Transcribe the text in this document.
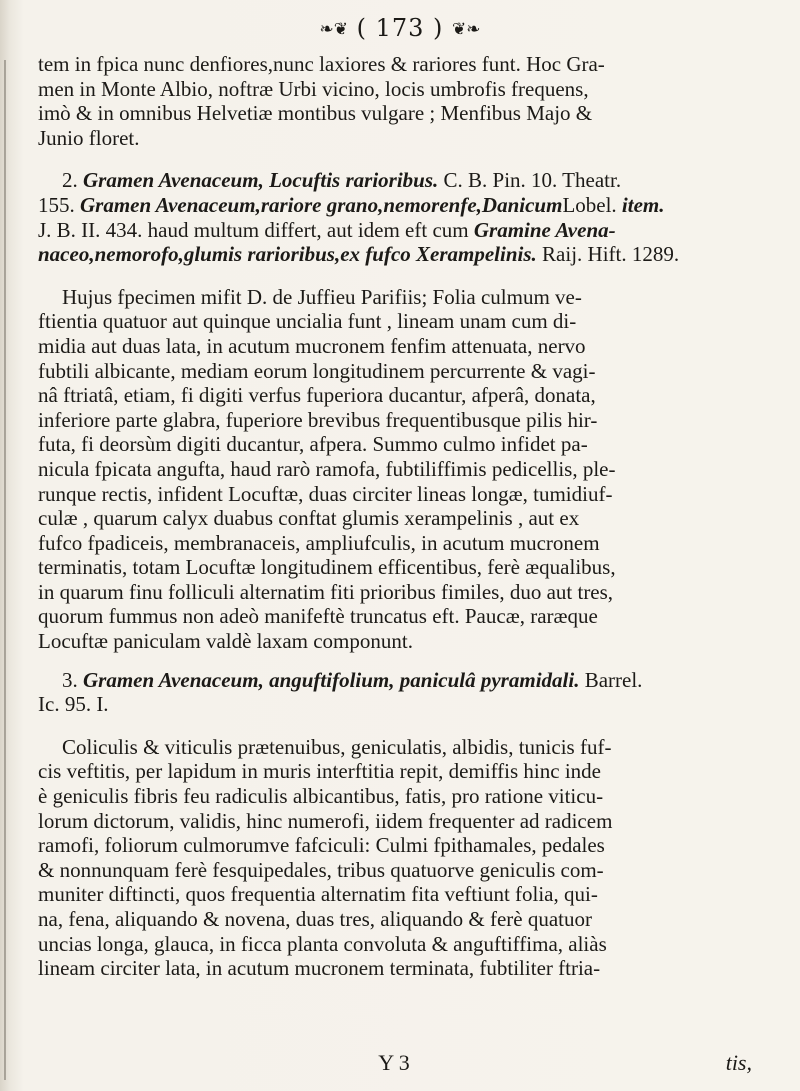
❧❦ ( 173 ) ❦❧

tem in fpica nunc denfiores,nunc laxiores & rariores funt. Hoc Gra-

men in Monte Albio, noftræ Urbi vicino, locis umbrofis frequens,

imò & in omnibus Helvetiæ montibus vulgare ; Menfibus Majo &

Junio floret.

2. Gramen Avenaceum, Locuftis rarioribus. C. B. Pin. 10. Theatr.

155. Gramen Avenaceum,rariore grano,nemorenfe,DanicumLobel. item.

J. B. II. 434. haud multum differt, aut idem eft cum Gramine Avena-

naceo,nemorofo,glumis rarioribus,ex fufco Xerampelinis. Raij. Hift. 1289.

Hujus fpecimen mifit D. de Juffieu Parifiis; Folia culmum ve-

ftientia quatuor aut quinque uncialia funt , lineam unam cum di-

midia aut duas lata, in acutum mucronem fenfim attenuata, nervo

fubtili albicante, mediam eorum longitudinem percurrente & vagi-

nâ ftriatâ, etiam, fi digiti verfus fuperiora ducantur, afperâ, donata,

inferiore parte glabra, fuperiore brevibus frequentibusque pilis hir-

futa, fi deorsùm digiti ducantur, afpera. Summo culmo infidet pa-

nicula fpicata angufta, haud rarò ramofa, fubtiliffimis pedicellis, ple-

runque rectis, infident Locuftæ, duas circiter lineas longæ, tumidiuf-

culæ , quarum calyx duabus conftat glumis xerampelinis , aut ex

fufco fpadiceis, membranaceis, ampliufculis, in acutum mucronem

terminatis, totam Locuftæ longitudinem efficentibus, ferè æqualibus,

in quarum finu folliculi alternatim fiti prioribus fimiles, duo aut tres,

quorum fummus non adeò manifeftè truncatus eft. Paucæ, raræque

Locuftæ paniculam valdè laxam componunt.

3. Gramen Avenaceum, anguftifolium, paniculâ pyramidali. Barrel.

Ic. 95. I.

Coliculis & viticulis prætenuibus, geniculatis, albidis, tunicis fuf-

cis veftitis, per lapidum in muris interftitia repit, demiffis hinc inde

è geniculis fibris feu radiculis albicantibus, fatis, pro ratione viticu-

lorum dictorum, validis, hinc numerofi, iidem frequenter ad radicem

ramofi, foliorum culmorumve fafciculi: Culmi fpithamales, pedales

& nonnunquam ferè fesquipedales, tribus quatuorve geniculis com-

muniter diftincti, quos frequentia alternatim fita veftiunt folia, qui-

na, fena, aliquando & novena, duas tres, aliquando & ferè quatuor

uncias longa, glauca, in ficca planta convoluta & anguftiffima, aliàs

lineam circiter lata, in acutum mucronem terminata, fubtiliter ftria-

Y 3	tis,
